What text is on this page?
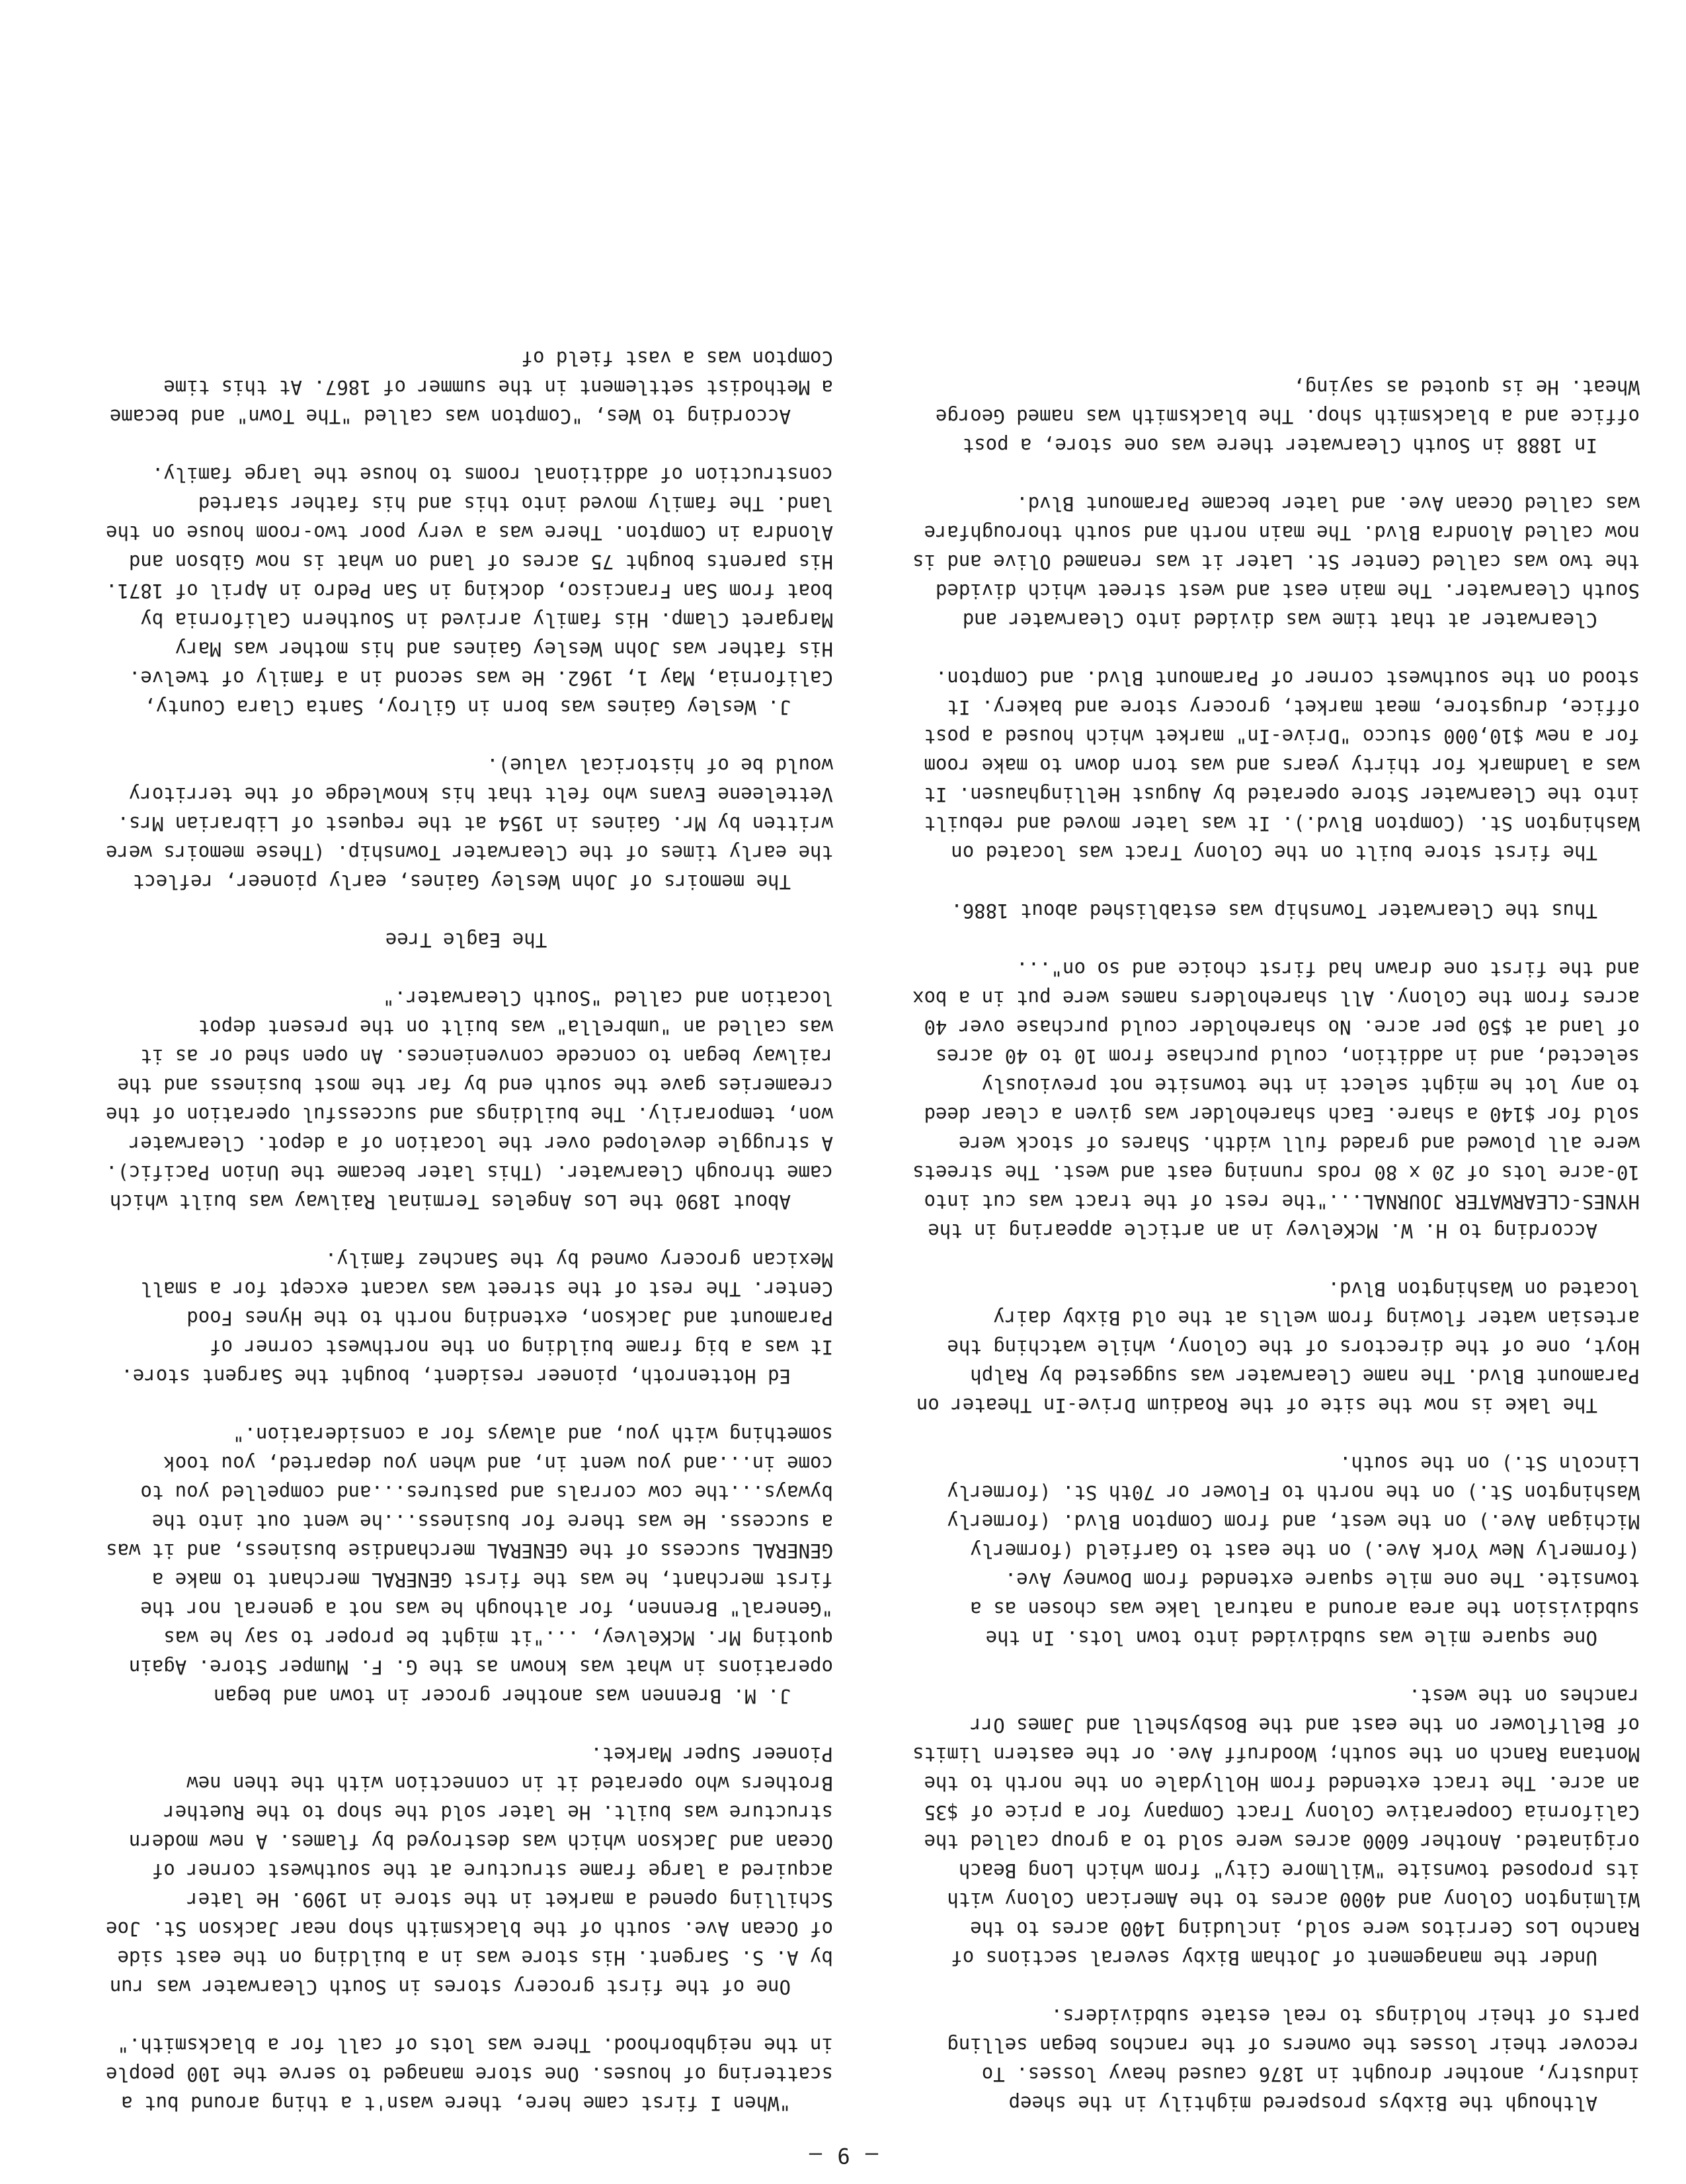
— 9 —

Although the Bixbys prospered mightily in the sheep industry, another drought in 1876 caused heavy losses. To recover their losses the owners of the ranchos began selling parts of their holdings to real estate subdividers.

Under the management of Jotham Bixby several sections of Rancho Los Cerritos were sold, including 1400 acres to the Wilmington Colony and 4000 acres to the American Colony with its proposed townsite "Willmore City" from which Long Beach originated. Another 6000 acres were sold to a group called the California Cooperative Colony Tract Company for a price of $35 an acre. The tract extended from Hollydale on the north to the Montana Ranch on the south; Woodruff Ave. or the eastern limits of Bellflower on the east and the Bosbyshell and James Orr ranches on the west.

One square mile was subdivided into town lots. In the subdivision the area around a natural lake was chosen as a townsite. The one mile square extended from Downey Ave. (formerly New York Ave.) on the east to Garfield (formerly Michigan Ave.) on the west, and from Compton Blvd. (formerly Washington St.) on the north to Flower or 70th St. (formerly Lincoln St.) on the south.

The lake is now the site of the Roadium Drive-In Theater on Paramount Blvd. The name Clearwater was suggested by Ralph Hoyt, one of the directors of the Colony, while watching the artesian water flowing from wells at the old Bixby dairy located on Washington Blvd.

According to H. W. McKelvey in an article appearing in the HYNES-CLEARWATER JOURNAL..."the rest of the tract was cut into 10-acre lots of 20 x 80 rods running east and west. The streets were all plowed and graded full width. Shares of stock were sold for $140 a share. Each shareholder was given a clear deed to any lot he might select in the townsite not previously selected, and in addition, could purchase from 10 to 40 acres of land at $50 per acre. No shareholder could purchase over 40 acres from the Colony. All shareholders names were put in a box and the first one drawn had first choice and so on"...

Thus the Clearwater Township was established about 1886.

The first store built on the Colony Tract was located on Washington St. (Compton Blvd.). It was later moved and rebuilt into the Clearwater Store operated by August Hellinghausen. It was a landmark for thirty years and was torn down to make room for a new $10,000 stucco "Drive-In" market which housed a post office, drugstore, meat market, grocery store and bakery. It stood on the southwest corner of Paramount Blvd. and Compton.

Clearwater at that time was divided into Clearwater and South Clearwater. The main east and west street which divided the two was called Center St. Later it was renamed Olive and is now called Alondra Blvd. The main north and south thoroughfare was called Ocean Ave. and later became Paramount Blvd.

In 1888 in South Clearwater there was one store, a post office and a blacksmith shop. The blacksmith was named George Wheat. He is quoted as saying,

"When I first came here, there wasn't a thing around but a scattering of houses. One store managed to serve the 100 people in the neighborhood. There was lots of call for a blacksmith."

One of the first grocery stores in South Clearwater was run by A. S. Sargent. His store was in a building on the east side of Ocean Ave. south of the blacksmith shop near Jackson St. Joe Schilling opened a market in the store in 1909. He later acquired a large frame structure at the southwest corner of Ocean and Jackson which was destroyed by flames. A new modern structure was built. He later sold the shop to the Ruether Brothers who operated it in connection with the then new Pioneer Super Market.

J. M. Brennen was another grocer in town and began operations in what was known as the G. F. Mumper Store. Again quoting Mr. McKelvey, ..."it might be proper to say he was "General" Brennen, for although he was not a general nor the first merchant, he was the first GENERAL merchant to make a GENERAL success of the GENERAL merchandise business, and it was a success. He was there for business...he went out into the byways...the cow corrals and pastures...and compelled you to come in...and you went in, and when you departed, you took something with you, and always for a consideration."

Ed Hottenroth, pioneer resident, bought the Sargent store. It was a big frame building on the northwest corner of Paramount and Jackson, extending north to the Hynes Food Center. The rest of the street was vacant except for a small Mexican grocery owned by the Sanchez family.

About 1890 the Los Angeles Terminal Railway was built which came through Clearwater. (This later became the Union Pacific). A struggle developed over the location of a depot. Clearwater won, temporarily. The buildings and successful operation of the creameries gave the south end by far the most business and the railway began to concede conveniences. An open shed or as it was called an "umbrella" was built on the present depot location and called "South Clearwater."

The Eagle Tree

The memoirs of John Wesley Gaines, early pioneer, reflect the early times of the Clearwater Township. (These memoirs were written by Mr. Gaines in 1954 at the request of Librarian Mrs. Vetteleene Evans who felt that his knowledge of the territory would be of historical value).

J. Wesley Gaines was born in Gilroy, Santa Clara County, California, May 1, 1962. He was second in a family of twelve. His father was John Wesley Gaines and his mother was Mary Margaret Clamp. His family arrived in Southern California by boat from San Francisco, docking in San Pedro in April of 1871. His parents bought 75 acres of land on what is now Gibson and Alondra in Compton. There was a very poor two-room house on the land. The family moved into this and his father started construction of additional rooms to house the large family.

According to Wes, "Compton was called "The Town" and became a Methodist settlement in the summer of 1867. At this time Compton was a vast field of
